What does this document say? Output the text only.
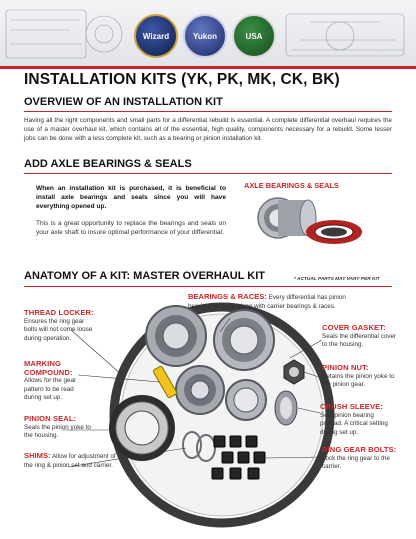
Wizard	Yukon	USA
INSTALLATION KITS (YK, PK, MK, CK, BK)
OVERVIEW OF AN INSTALLATION KIT
Having all the right components and small parts for a differential rebuild is essential. A complete differential overhaul requires the use of a master overhaul kit, which contains all of the essential, high quality, components necessary for a rebuild. Some lesser jobs can be done with a less complete kit, such as a bearing or pinion installation kit.
ADD AXLE BEARINGS & SEALS
When an installation kit is purchased, it is beneficial to install axle bearings and seals since you will have everything opened up.
This is a great opportunity to replace the bearings and seals on your axle shaft to insure optimal performance of your differential.
AXLE BEARINGS & SEALS
ANATOMY OF A KIT: MASTER OVERHAUL KIT	* ACTUAL PARTS MAY VARY PER KIT
THREAD LOCKER:
Ensures the ring gear bolts will not come loose during operation.
MARKING COMPOUND:
Allows for the gear pattern to be read during set up.
PINION SEAL:
Seals the pinion yoke to the housing.
SHIMS: Allow for adjustment of the ring & pinion set and carrier.
BEARINGS & RACES: Every differential has pinion bearings & races along with carrier bearings & races.
COVER GASKET:
Seals the differential cover to the housing.
PINION NUT:
Retains the pinion yoke to the pinion gear.
CRUSH SLEEVE:
Sets pinion bearing preload. A critical setting during set up.
RING GEAR BOLTS:
Lock the ring gear to the carrier.
